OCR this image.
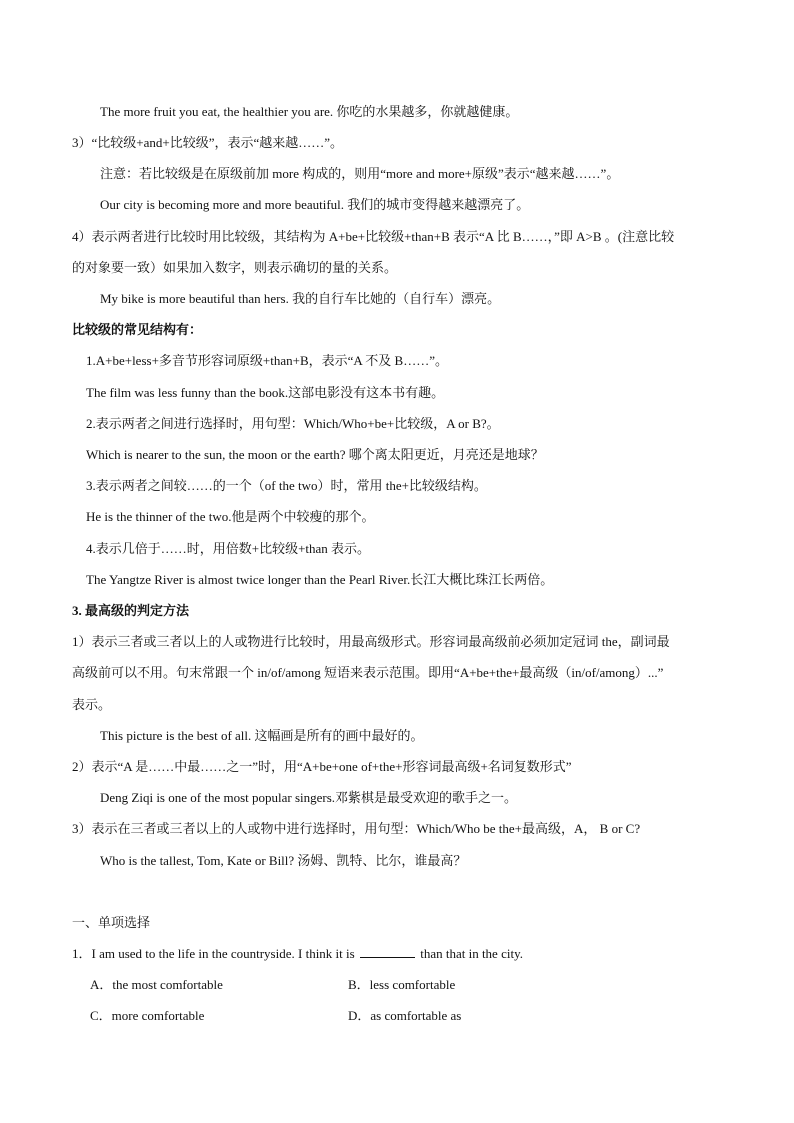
The more fruit you eat, the healthier you are. 你吃的水果越多，你就越健康。
3）“比较级+and+比较级”，表示“越来越……”。
注意：若比较级是在原级前加 more 构成的，则用“more and more+原级”表示“越来越……”。
Our city is becoming more and more beautiful. 我们的城市变得越来越漂亮了。
4）表示两者进行比较时用比较级，其结构为 A+be+比较级+than+B 表示“A 比 B……，”即 A>B 。(注意比较
的对象要一致）如果加入数字，则表示确切的量的关系。
My bike is more beautiful than hers. 我的自行车比她的（自行车）漂亮。
比较级的常见结构有：
1.A+be+less+多音节形容词原级+than+B，表示“A 不及 B……”。
The film was less funny than the book.这部电影没有这本书有趣。
2.表示两者之间进行选择时，用句型：Which/Who+be+比较级，A or B?。
Which is nearer to the sun, the moon or the earth? 哪个离太阳更近，月亮还是地球？
3.表示两者之间较……的一个（of the two）时，常用 the+比较级结构。
He is the thinner of the two.他是两个中较瘦的那个。
4.表示几倍于……时，用倍数+比较级+than 表示。
The Yangtze River is almost twice longer than the Pearl River.长江大概比珠江长两倍。
3. 最高级的判定方法
1）表示三者或三者以上的人或物进行比较时，用最高级形式。形容词最高级前必须加定冠词 the，副词最
高级前可以不用。句末常跟一个 in/of/among 短语来表示范围。即用“A+be+the+最高级（in/of/among）...”
表示。
This picture is the best of all. 这幅画是所有的画中最好的。
2）表示“A 是……中最……之一”时，用“A+be+one of+the+形容词最高级+名词复数形式”
Deng Ziqi is one of the most popular singers.邓紫棋是最受欢迎的歌手之一。
3）表示在三者或三者以上的人或物中进行选择时，用句型：Which/Who be the+最高级，A， B or C?
Who is the tallest, Tom, Kate or Bill? 汤姆、凯特、比尔，谁最高？
一、单项选择
1．I am used to the life in the countryside. I think it is	than that in the city.
A．the most comfortable	B．less comfortable
C．more comfortable	D．as comfortable as
